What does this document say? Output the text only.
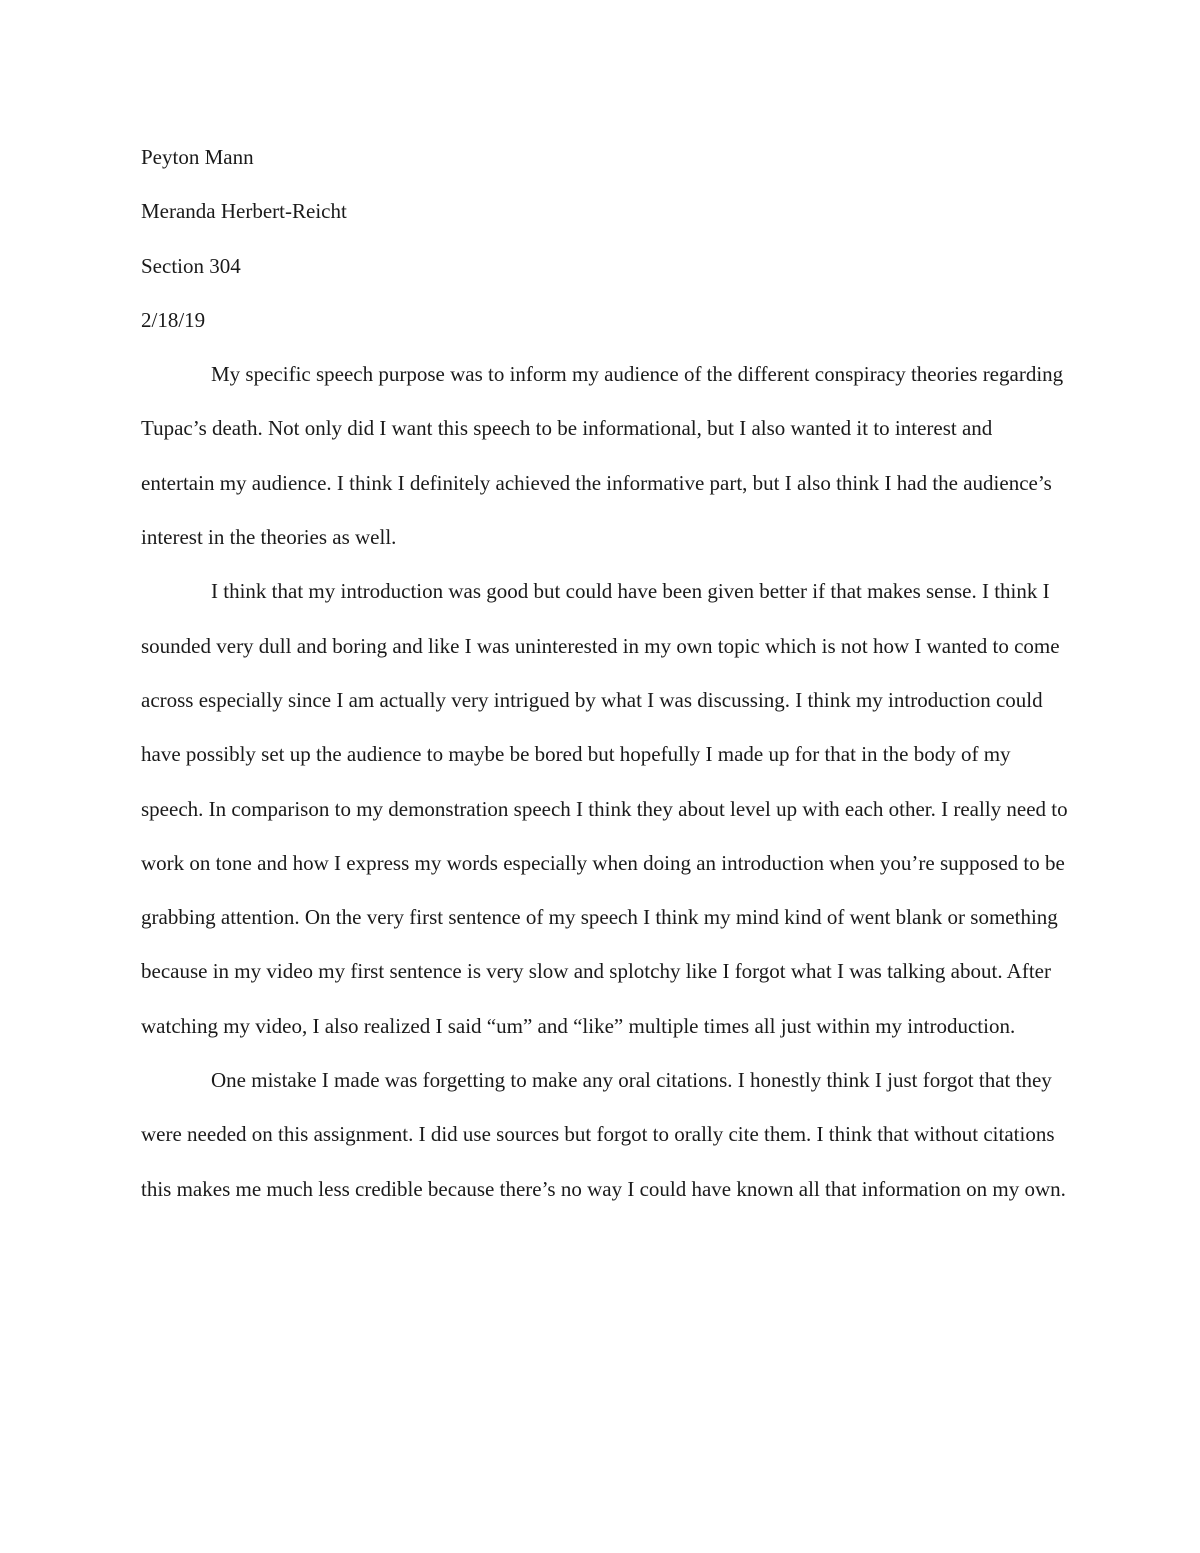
Peyton Mann

Meranda Herbert-Reicht

Section 304

2/18/19

My specific speech purpose was to inform my audience of the different conspiracy theories regarding Tupac’s death. Not only did I want this speech to be informational, but I also wanted it to interest and entertain my audience. I think I definitely achieved the informative part, but I also think I had the audience’s interest in the theories as well.

I think that my introduction was good but could have been given better if that makes sense. I think I sounded very dull and boring and like I was uninterested in my own topic which is not how I wanted to come across especially since I am actually very intrigued by what I was discussing. I think my introduction could have possibly set up the audience to maybe be bored but hopefully I made up for that in the body of my speech. In comparison to my demonstration speech I think they about level up with each other. I really need to work on tone and how I express my words especially when doing an introduction when you’re supposed to be grabbing attention. On the very first sentence of my speech I think my mind kind of went blank or something because in my video my first sentence is very slow and splotchy like I forgot what I was talking about. After watching my video, I also realized I said “um” and “like” multiple times all just within my introduction.

One mistake I made was forgetting to make any oral citations. I honestly think I just forgot that they were needed on this assignment. I did use sources but forgot to orally cite them. I think that without citations this makes me much less credible because there’s no way I could have known all that information on my own.
